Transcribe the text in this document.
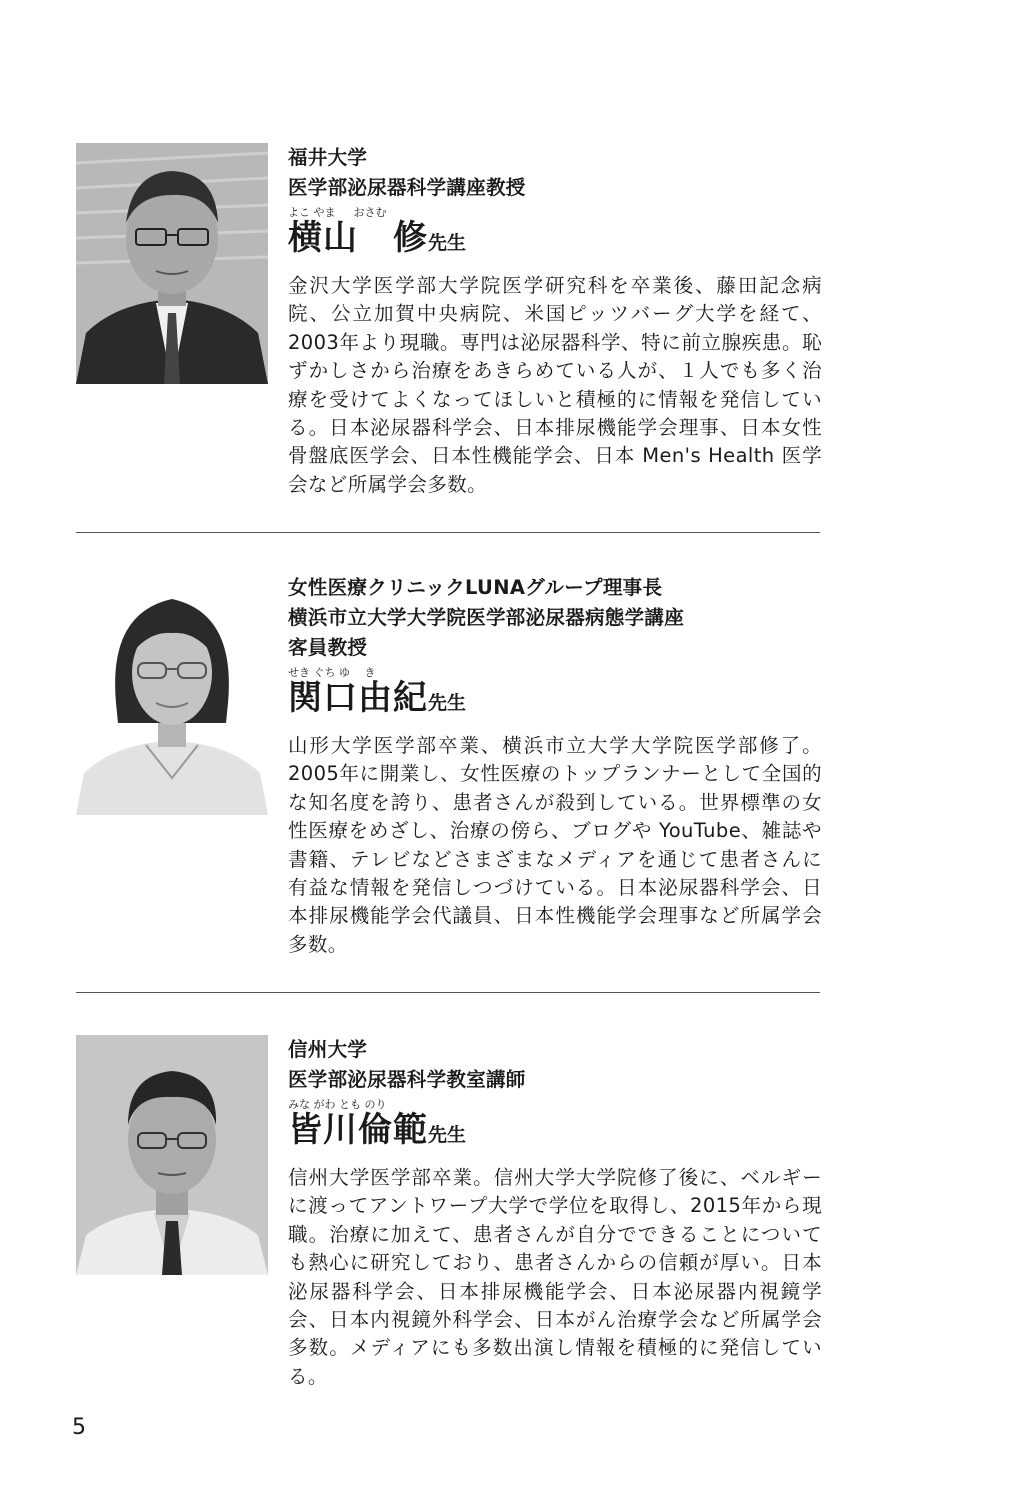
福井大学
医学部泌尿器科学講座教授
よこ やま 　 おさむ
横山　修先生
金沢大学医学部大学院医学研究科を卒業後、藤田記念病院、公立加賀中央病院、米国ピッツバーグ大学を経て、2003年より現職。専門は泌尿器科学、特に前立腺疾患。恥ずかしさから治療をあきらめている人が、１人でも多く治療を受けてよくなってほしいと積極的に情報を発信している。日本泌尿器科学会、日本排尿機能学会理事、日本女性骨盤底医学会、日本性機能学会、日本 Men's Health 医学会など所属学会多数。
女性医療クリニックLUNAグループ理事長
横浜市立大学大学院医学部泌尿器病態学講座
客員教授
せき ぐち ゆ 　き
関口由紀先生
山形大学医学部卒業、横浜市立大学大学院医学部修了。2005年に開業し、女性医療のトップランナーとして全国的な知名度を誇り、患者さんが殺到している。世界標準の女性医療をめざし、治療の傍ら、ブログや YouTube、雑誌や書籍、テレビなどさまざまなメディアを通じて患者さんに有益な情報を発信しつづけている。日本泌尿器科学会、日本排尿機能学会代議員、日本性機能学会理事など所属学会多数。
信州大学
医学部泌尿器科学教室講師
みな がわ とも のり
皆川倫範先生
信州大学医学部卒業。信州大学大学院修了後に、ベルギーに渡ってアントワープ大学で学位を取得し、2015年から現職。治療に加えて、患者さんが自分でできることについても熱心に研究しており、患者さんからの信頼が厚い。日本泌尿器科学会、日本排尿機能学会、日本泌尿器内視鏡学会、日本内視鏡外科学会、日本がん治療学会など所属学会多数。メディアにも多数出演し情報を積極的に発信している。
5
